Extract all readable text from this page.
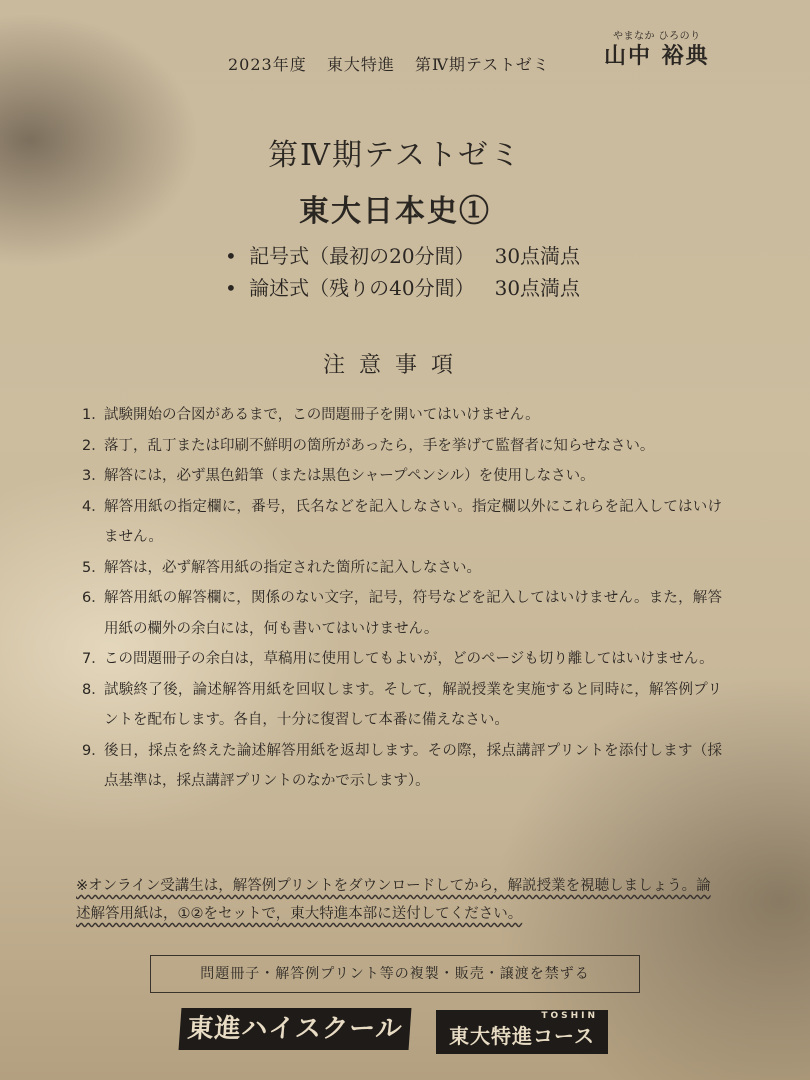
2023年度 東大特進 第Ⅳ期テストゼミ
やまなか ひろのり
山中 裕典
第Ⅳ期テストゼミ
東大日本史①
• 記号式（最初の20分間） 30点満点
• 論述式（残りの40分間） 30点満点
注意事項
1．
試験開始の合図があるまで，この問題冊子を開いてはいけません。
2．
落丁，乱丁または印刷不鮮明の箇所があったら，手を挙げて監督者に知らせなさい。
3．
解答には，必ず黒色鉛筆（または黒色シャープペンシル）を使用しなさい。
4．
解答用紙の指定欄に，番号，氏名などを記入しなさい。指定欄以外にこれらを記入してはいけません。
5．
解答は，必ず解答用紙の指定された箇所に記入しなさい。
6．
解答用紙の解答欄に，関係のない文字，記号，符号などを記入してはいけません。また，解答用紙の欄外の余白には，何も書いてはいけません。
7．
この問題冊子の余白は，草稿用に使用してもよいが，どのページも切り離してはいけません。
8．
試験終了後，論述解答用紙を回収します。そして，解説授業を実施すると同時に，解答例プリントを配布します。各自，十分に復習して本番に備えなさい。
9．
後日，採点を終えた論述解答用紙を返却します。その際，採点講評プリントを添付します（採点基準は，採点講評プリントのなかで示します）。
※オンライン受講生は，解答例プリントをダウンロードしてから，解説授業を視聴しましょう。論述解答用紙は，①②をセットで，東大特進本部に送付してください。
問題冊子・解答例プリント等の複製・販売・譲渡を禁ずる
東進ハイスクール	TOSHIN
東大特進コース
